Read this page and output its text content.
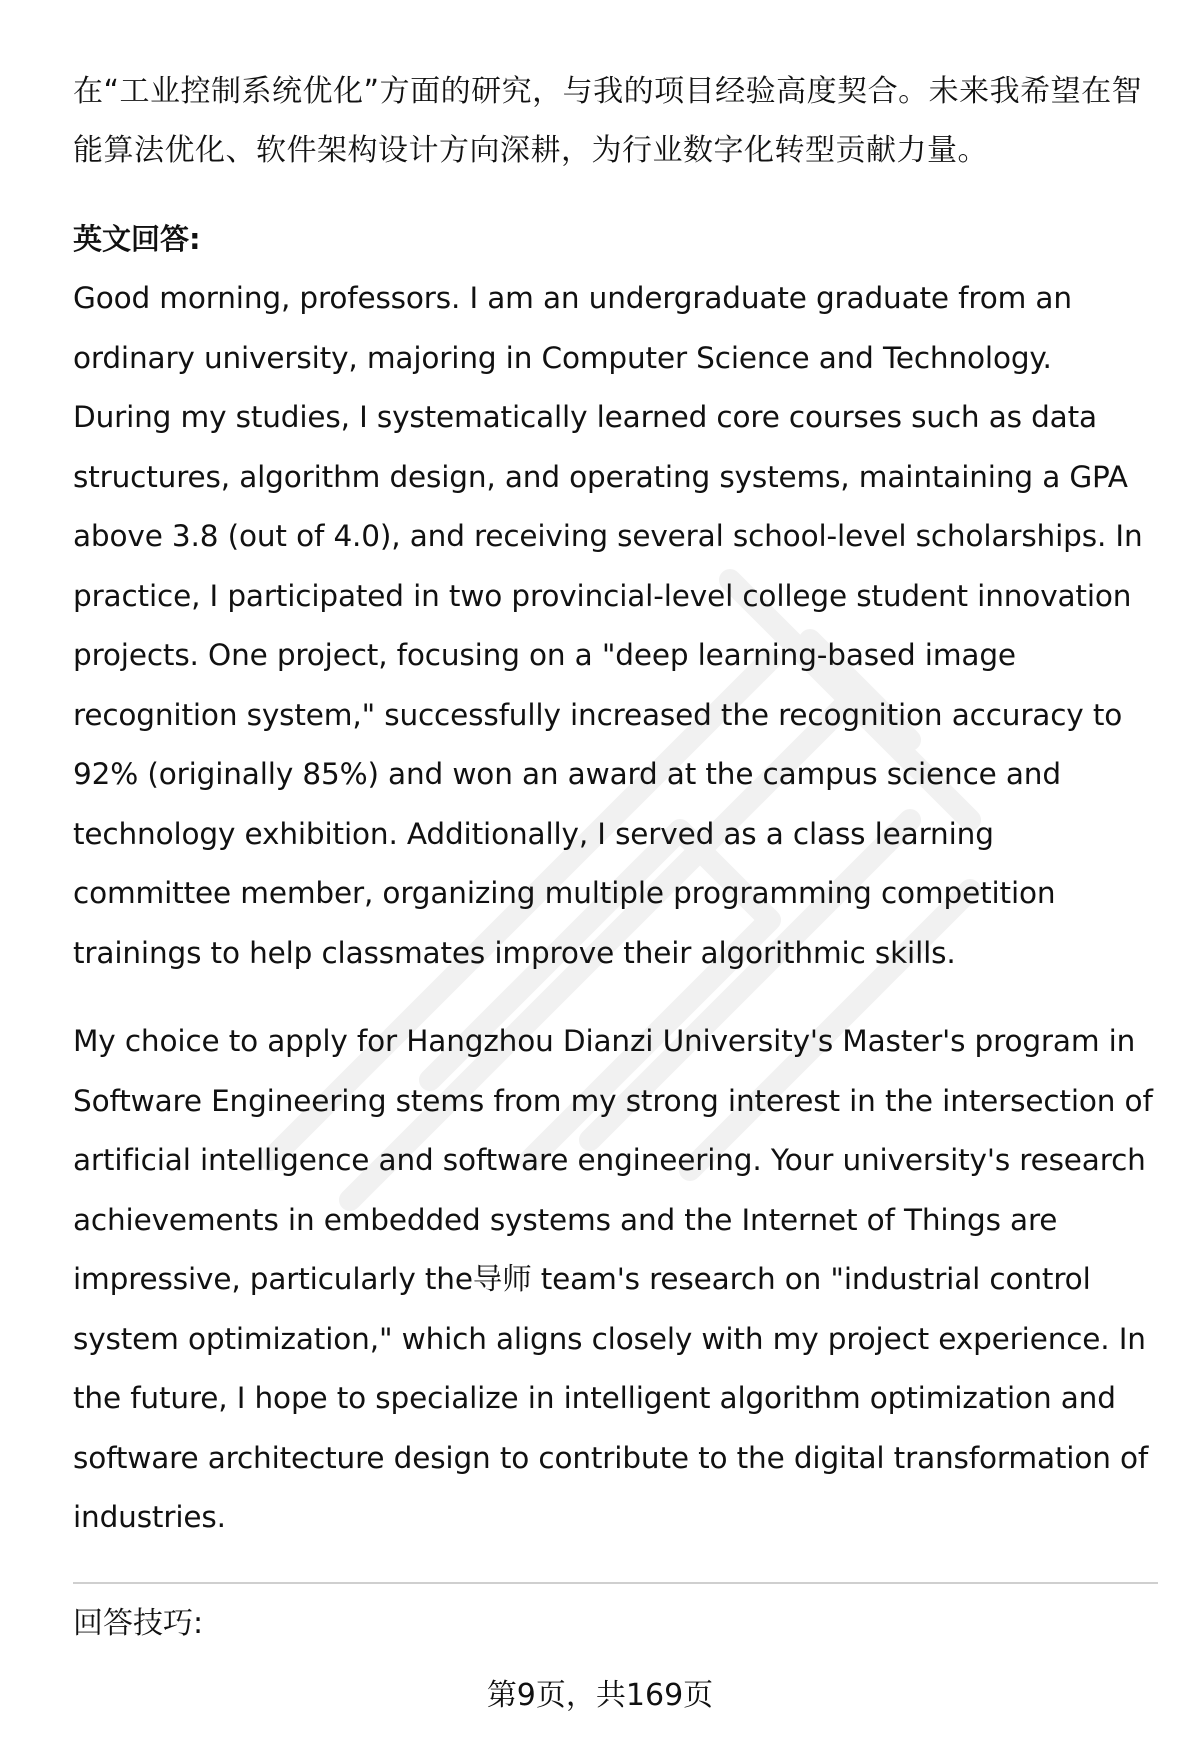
在“工业控制系统优化”方面的研究，与我的项目经验高度契合。未来我希望在智能算法优化、软件架构设计方向深耕，为行业数字化转型贡献力量。

英文回答:

Good morning, professors. I am an undergraduate graduate from an ordinary university, majoring in Computer Science and Technology. During my studies, I systematically learned core courses such as data structures, algorithm design, and operating systems, maintaining a GPA above 3.8 (out of 4.0), and receiving several school-level scholarships. In practice, I participated in two provincial-level college student innovation projects. One project, focusing on a "deep learning-based image recognition system," successfully increased the recognition accuracy to 92% (originally 85%) and won an award at the campus science and technology exhibition. Additionally, I served as a class learning committee member, organizing multiple programming competition trainings to help classmates improve their algorithmic skills.

My choice to apply for Hangzhou Dianzi University's Master's program in Software Engineering stems from my strong interest in the intersection of artificial intelligence and software engineering. Your university's research achievements in embedded systems and the Internet of Things are impressive, particularly the导师 team's research on "industrial control system optimization," which aligns closely with my project experience. In the future, I hope to specialize in intelligent algorithm optimization and software architecture design to contribute to the digital transformation of industries.

回答技巧:

第9页，共169页
